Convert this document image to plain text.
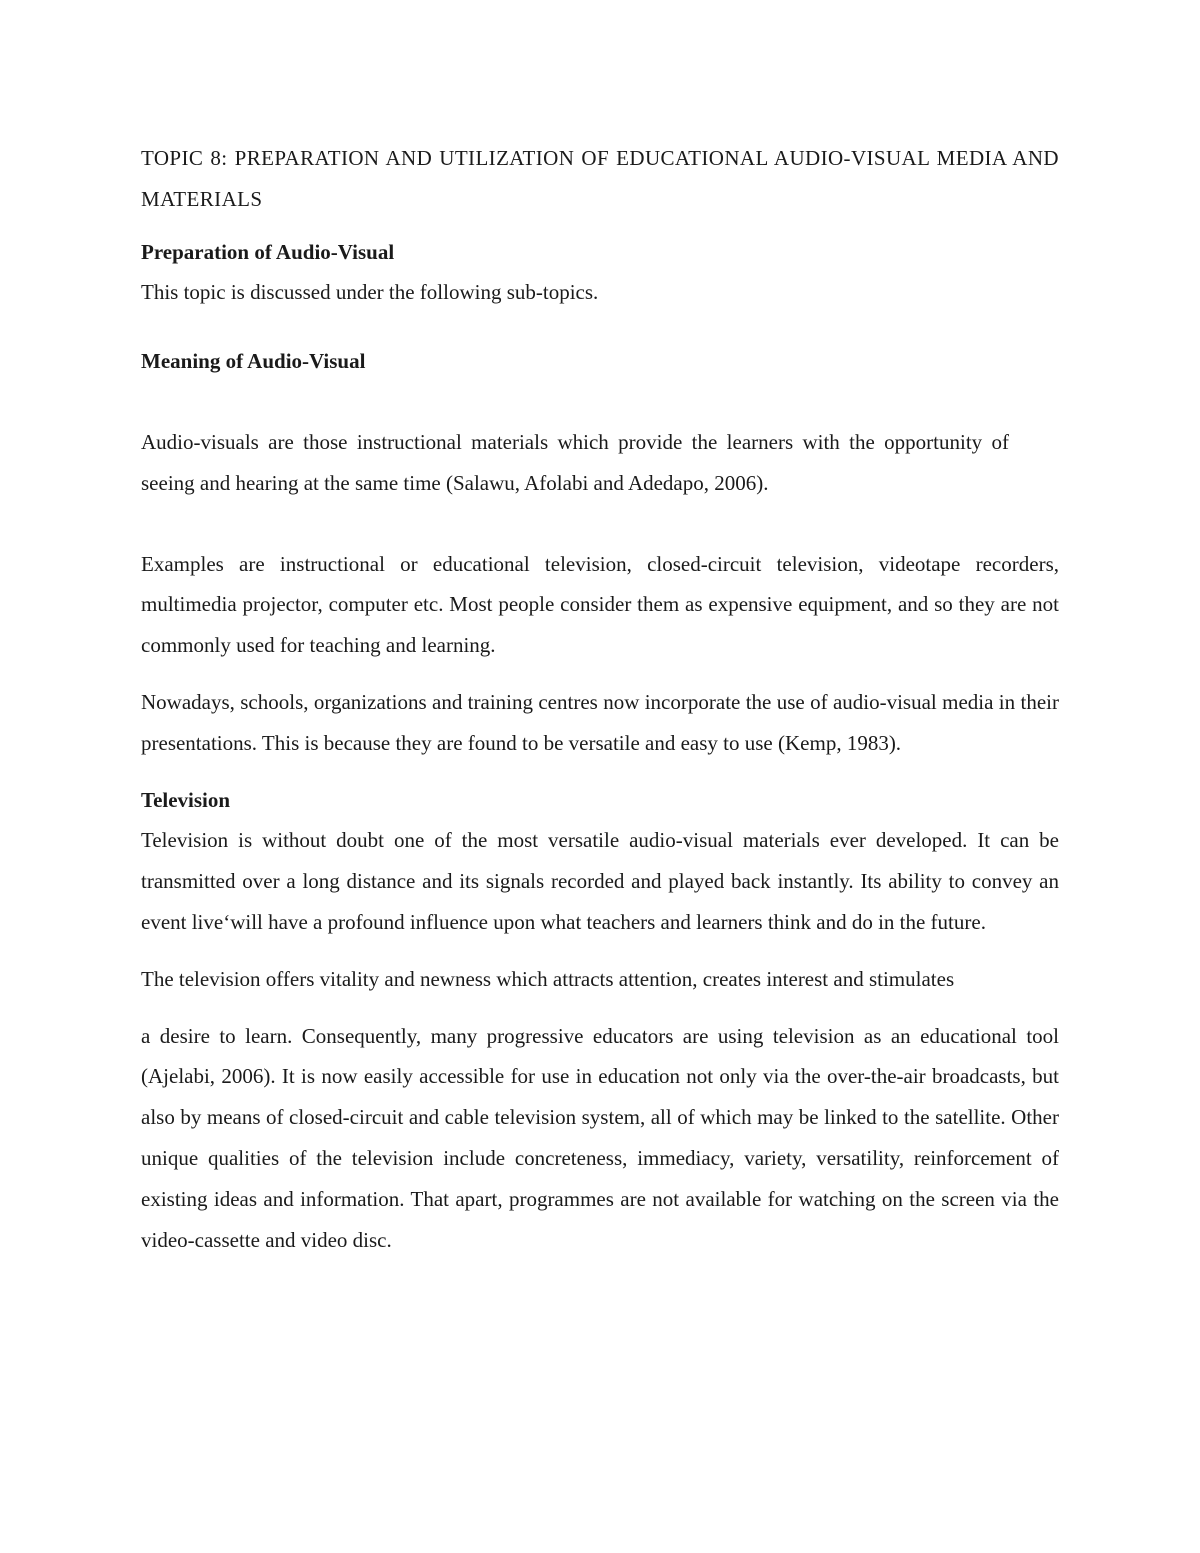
TOPIC 8: PREPARATION AND UTILIZATION OF EDUCATIONAL AUDIO-VISUAL MEDIA AND MATERIALS

Preparation of Audio-Visual

This topic is discussed under the following sub-topics.

Meaning of Audio-Visual

Audio-visuals are those instructional materials which provide the learners with the opportunity ofseeing and hearing at the same time (Salawu, Afolabi and Adedapo, 2006).

Examples are instructional or educational television, closed-circuit television, videotape recorders, multimedia projector, computer etc. Most people consider them as expensive equipment, and so they are not commonly used for teaching and learning.

Nowadays, schools, organizations and training centres now incorporate the use of audio-visual media in their presentations. This is because they are found to be versatile and easy to use (Kemp, 1983).

Television

Television is without doubt one of the most versatile audio-visual materials ever developed. It can be transmitted over a long distance and its signals recorded and played back instantly. Its ability to convey an event live‘will have a profound influence upon what teachers and learners think and do in the future.

The television offers vitality and newness which attracts attention, creates interest and stimulates

a desire to learn. Consequently, many progressive educators are using television as an educational tool (Ajelabi, 2006). It is now easily accessible for use in education not only via the over-the-air broadcasts, but also by means of closed-circuit and cable television system, all of which may be linked to the satellite. Other unique qualities of the television include concreteness, immediacy, variety, versatility, reinforcement of existing ideas and information. That apart, programmes are not available for watching on the screen via the video-cassette and video disc.
